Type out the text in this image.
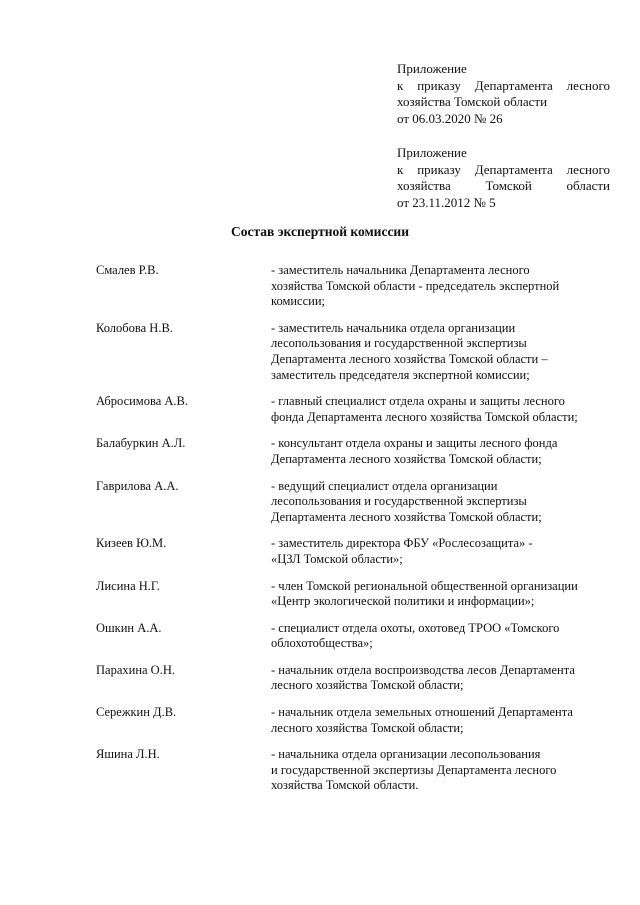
Приложение
к приказу Департамента лесного
хозяйства Томской области
от 06.03.2020 № 26
Приложение
к приказу Департамента лесного
хозяйства Томской области
от 23.11.2012 № 5
Состав экспертной комиссии
Смалев Р.В.	- заместитель начальника Департамента лесного
хозяйства Томской области - председатель экспертной
комиссии;
Колобова Н.В.	- заместитель начальника отдела организации
лесопользования и государственной экспертизы
Департамента лесного хозяйства Томской области –
заместитель председателя экспертной комиссии;
Абросимова А.В.	- главный специалист отдела охраны и защиты лесного
фонда Департамента лесного хозяйства Томской области;
Балабуркин А.Л.	- консультант отдела охраны и защиты лесного фонда
Департамента лесного хозяйства Томской области;
Гаврилова А.А.	- ведущий специалист отдела организации
лесопользования и государственной экспертизы
Департамента лесного хозяйства Томской области;
Кизеев Ю.М.	- заместитель директора ФБУ «Рослесозащита» -
«ЦЗЛ Томской области»;
Лисина Н.Г.	- член Томской региональной общественной организации
«Центр экологической политики и информации»;
Ошкин А.А.	- специалист отдела охоты, охотовед ТРОО «Томского
облохотобщества»;
Парахина О.Н.	- начальник отдела воспроизводства лесов Департамента
лесного хозяйства Томской области;
Сережкин Д.В.	- начальник отдела земельных отношений Департамента
лесного хозяйства Томской области;
Яшина Л.Н.	- начальника отдела организации лесопользования
и государственной экспертизы Департамента лесного
хозяйства Томской области.
